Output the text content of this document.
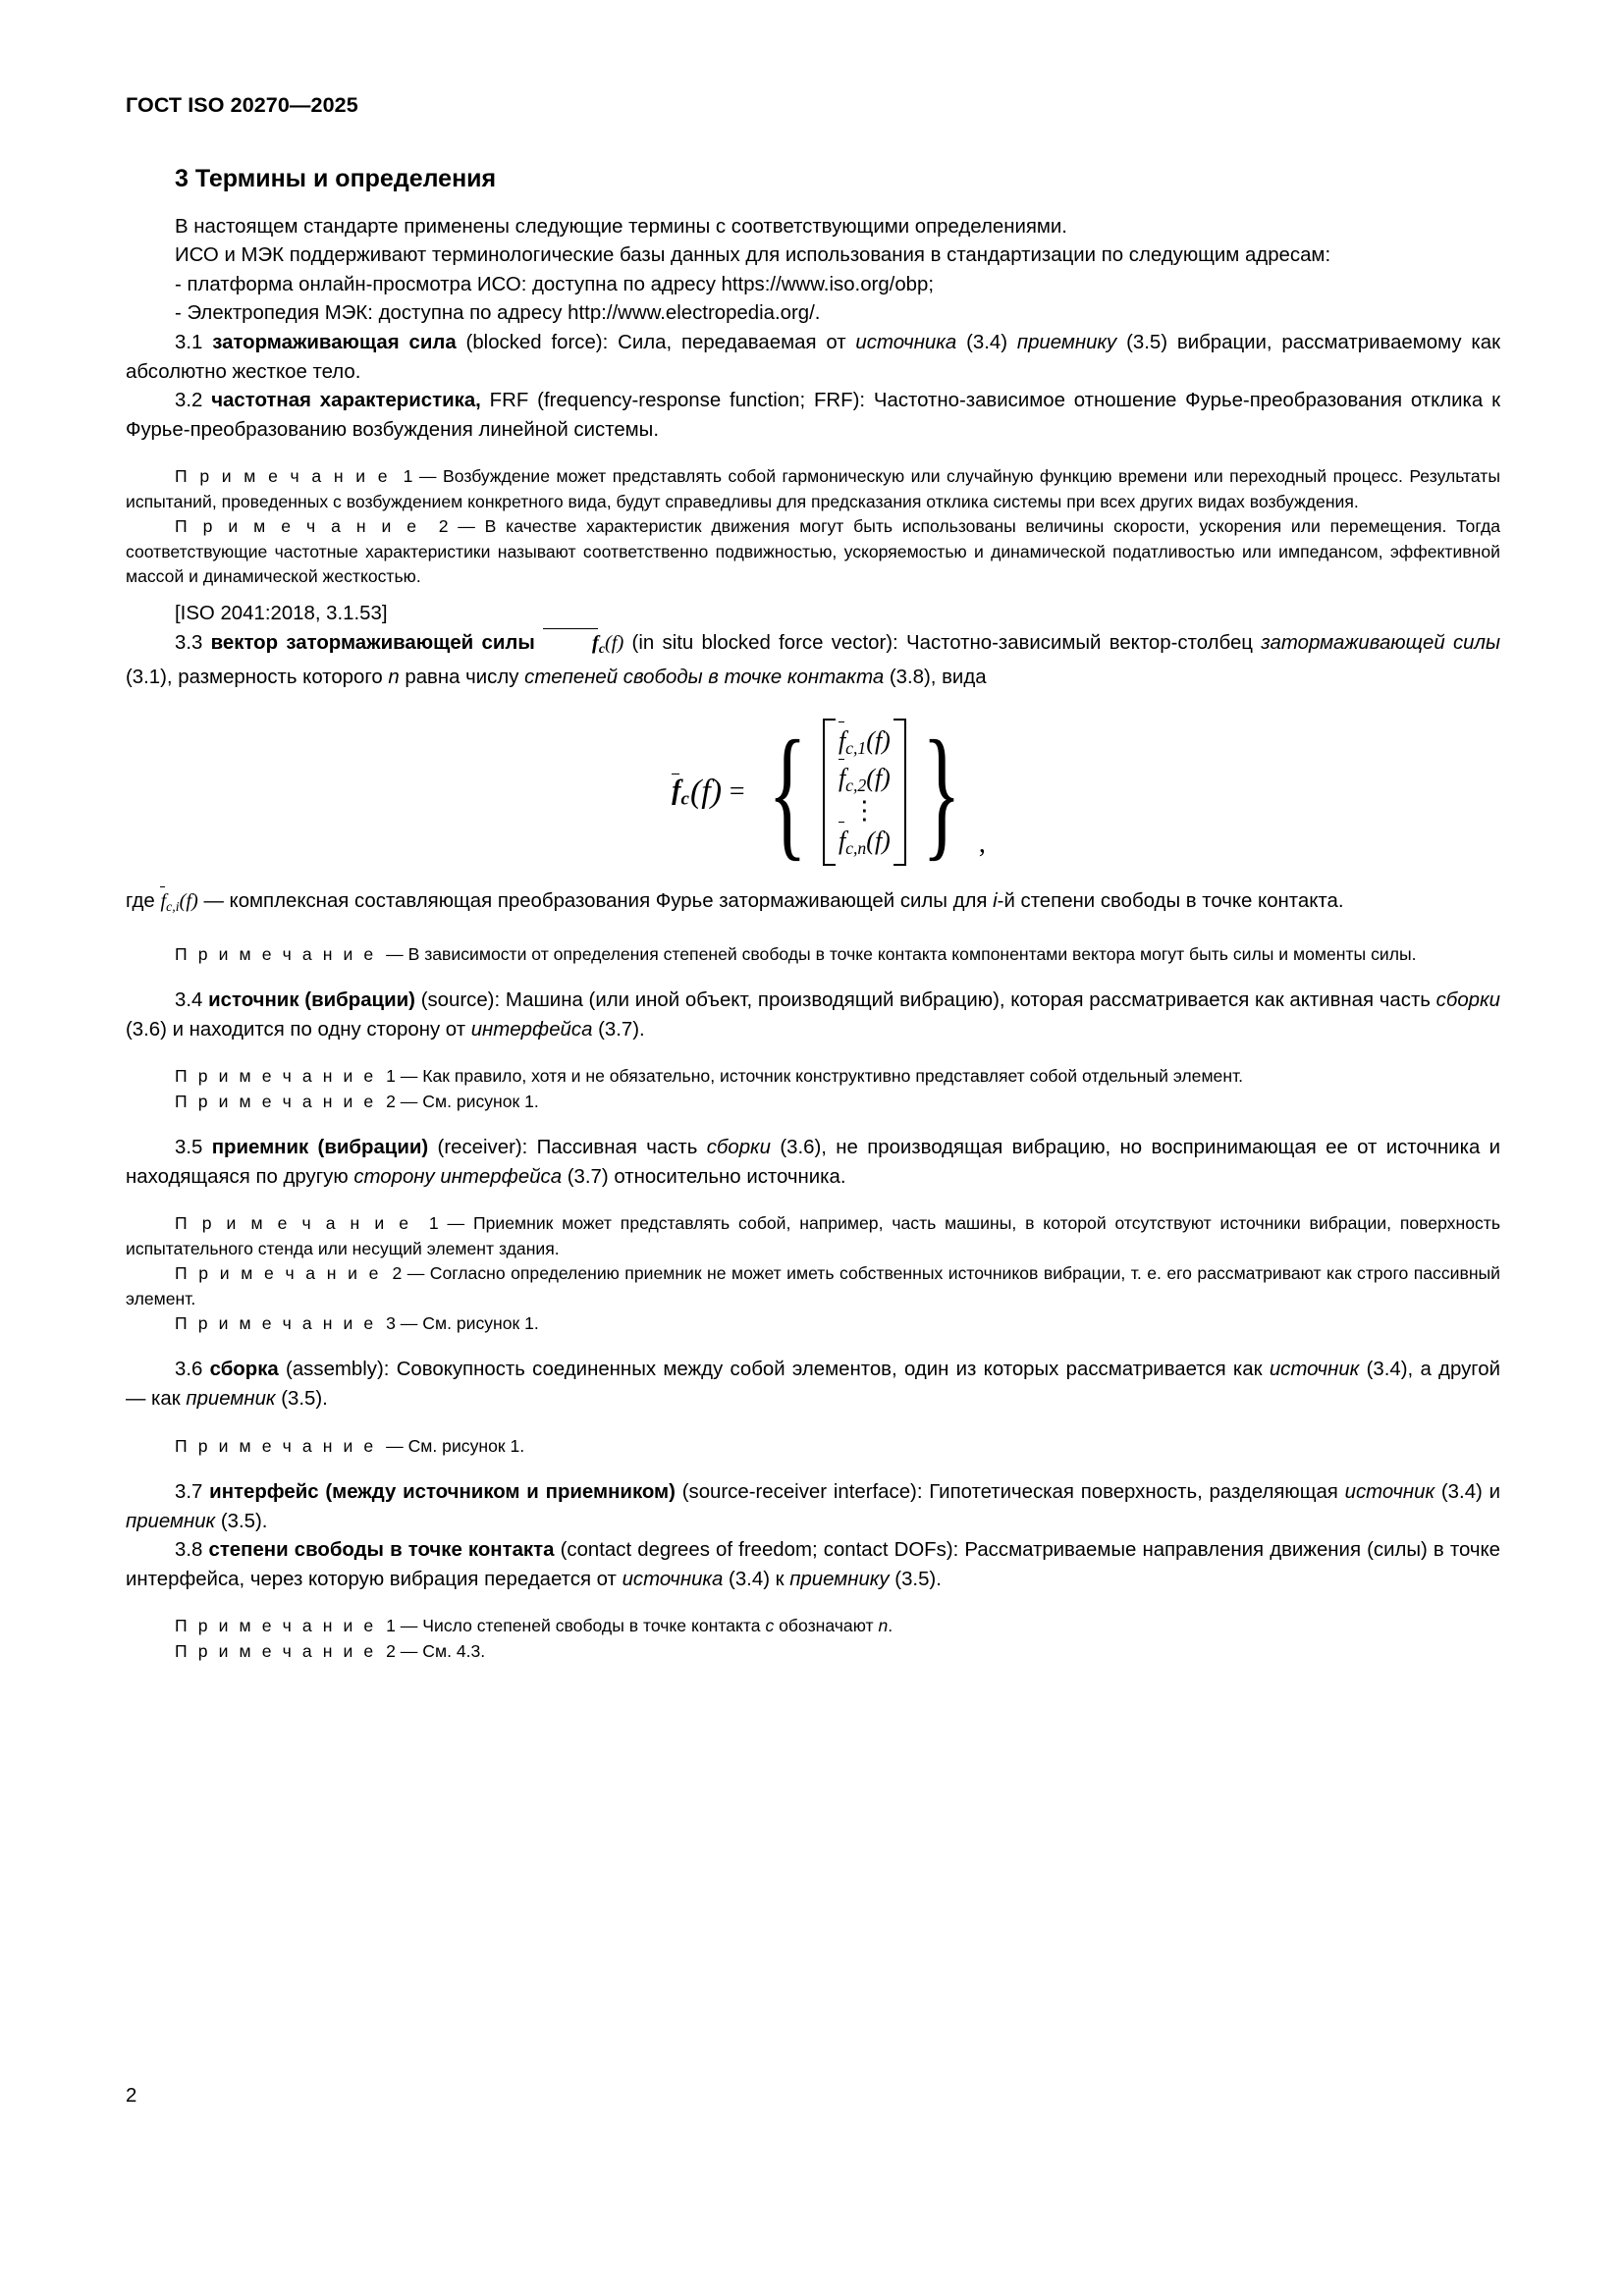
ГОСТ ISO 20270—2025
3 Термины и определения

В настоящем стандарте применены следующие термины с соответствующими определениями.

ИСО и МЭК поддерживают терминологические базы данных для использования в стандартизации по следующим адресам:

- платформа онлайн-просмотра ИСО: доступна по адресу https://www.iso.org/obp;

- Электропедия МЭК: доступна по адресу http://www.electropedia.org/.

3.1 затормаживающая сила (blocked force): Сила, передаваемая от источника (3.4) приемнику (3.5) вибрации, рассматриваемому как абсолютно жесткое тело.

3.2 частотная характеристика, FRF (frequency-response function; FRF): Частотно-зависимое отношение Фурье-преобразования отклика к Фурье-преобразованию возбуждения линейной системы.

П р и м е ч а н и е 1 — Возбуждение может представлять собой гармоническую или случайную функцию времени или переходный процесс. Результаты испытаний, проведенных с возбуждением конкретного вида, будут справедливы для предсказания отклика системы при всех других видах возбуждения.

П р и м е ч а н и е 2 — В качестве характеристик движения могут быть использованы величины скорости, ускорения или перемещения. Тогда соответствующие частотные характеристики называют соответственно подвижностью, ускоряемостью и динамической податливостью или импедансом, эффективной массой и динамической жесткостью.

[ISO 2041:2018, 3.1.53]

3.3 вектор затормаживающей силы	$f_c(f)$ (in situ blocked force vector): Частотно-зависимый вектор-столбец затормаживающей силы (3.1), размерность которого n равна числу степеней свободы в точке контакта (3.8), вида

$f_c(f)$ = { $f_{c,1}(f)$
$f_{c,2}(f)$
⋮
$f_{c,n}(f)$ } ,

где $f_{c,i}(f)$ — комплексная составляющая преобразования Фурье затормаживающей силы для i-й степени свободы в точке контакта.

П р и м е ч а н и е — В зависимости от определения степеней свободы в точке контакта компонентами вектора могут быть силы и моменты силы.

3.4 источник (вибрации) (source): Машина (или иной объект, производящий вибрацию), которая рассматривается как активная часть сборки (3.6) и находится по одну сторону от интерфейса (3.7).

П р и м е ч а н и е 1 — Как правило, хотя и не обязательно, источник конструктивно представляет собой отдельный элемент.

П р и м е ч а н и е 2 — См. рисунок 1.

3.5 приемник (вибрации) (receiver): Пассивная часть сборки (3.6), не производящая вибрацию, но воспринимающая ее от источника и находящаяся по другую сторону интерфейса (3.7) относительно источника.

П р и м е ч а н и е 1 — Приемник может представлять собой, например, часть машины, в которой отсутствуют источники вибрации, поверхность испытательного стенда или несущий элемент здания.

П р и м е ч а н и е 2 — Согласно определению приемник не может иметь собственных источников вибрации, т. е. его рассматривают как строго пассивный элемент.

П р и м е ч а н и е 3 — См. рисунок 1.

3.6 сборка (assembly): Совокупность соединенных между собой элементов, один из которых рассматривается как источник (3.4), а другой — как приемник (3.5).

П р и м е ч а н и е — См. рисунок 1.

3.7 интерфейс (между источником и приемником) (source-receiver interface): Гипотетическая поверхность, разделяющая источник (3.4) и приемник (3.5).

3.8 степени свободы в точке контакта (contact degrees of freedom; contact DOFs): Рассматриваемые направления движения (силы) в точке интерфейса, через которую вибрация передается от источника (3.4) к приемнику (3.5).

П р и м е ч а н и е 1 — Число степеней свободы в точке контакта с обозначают n.

П р и м е ч а н и е 2 — См. 4.3.

2
